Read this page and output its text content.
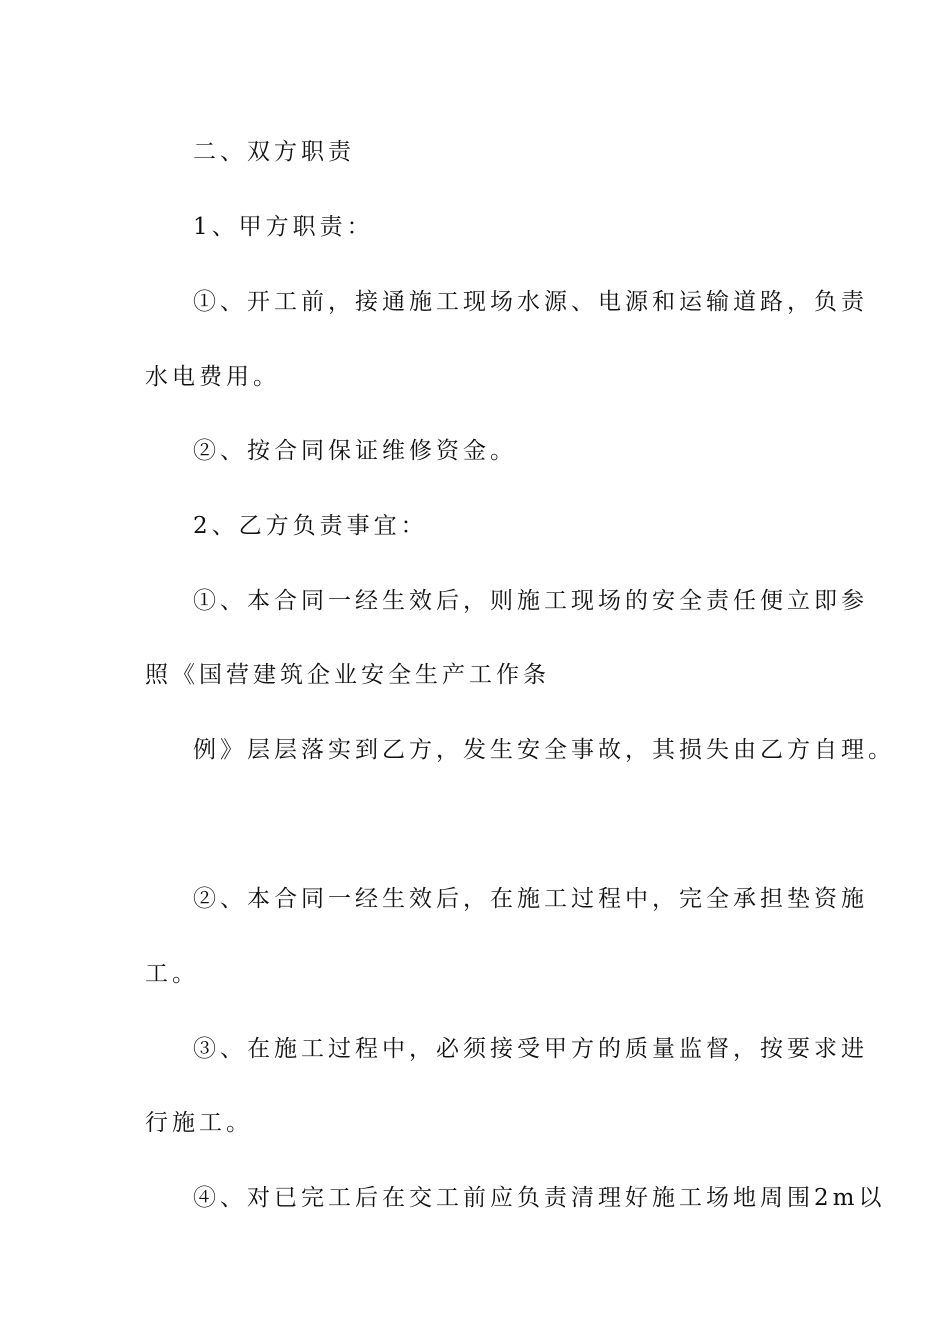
二、双方职责
1、甲方职责：
①、开工前，接通施工现场水源、电源和运输道路，负责
水电费用。
②、按合同保证维修资金。
2、乙方负责事宜：
①、本合同一经生效后，则施工现场的安全责任便立即参
照《国营建筑企业安全生产工作条
例》层层落实到乙方，发生安全事故，其损失由乙方自理。
②、本合同一经生效后，在施工过程中，完全承担垫资施
工。
③、在施工过程中，必须接受甲方的质量监督，按要求进
行施工。
④、对已完工后在交工前应负责清理好施工场地周围2m以
